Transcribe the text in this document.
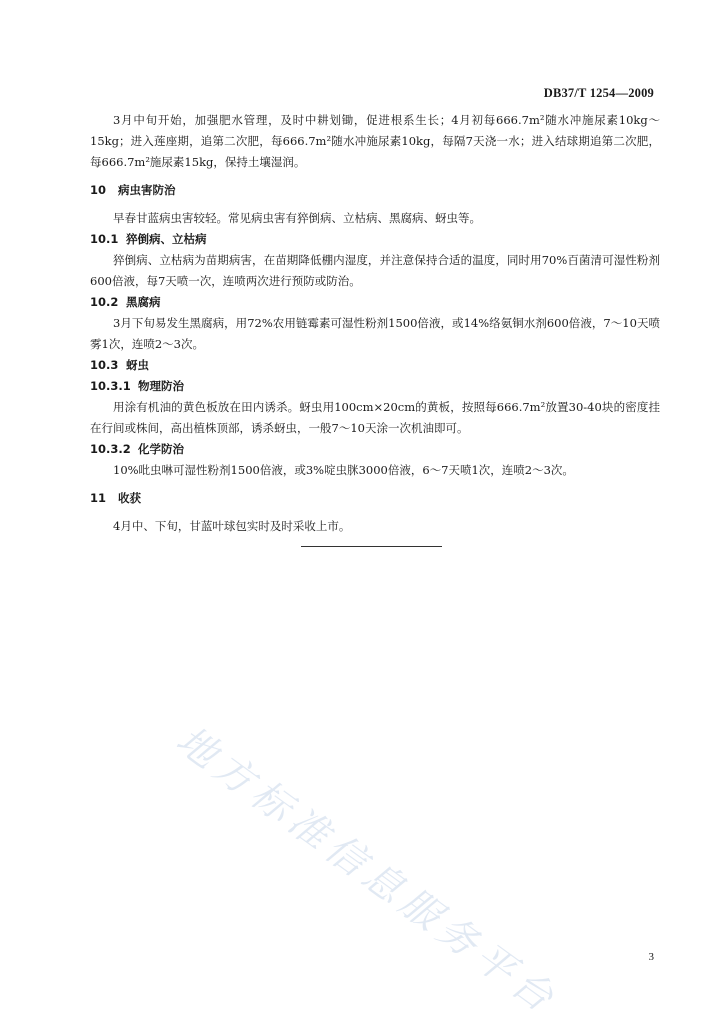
DB37/T 1254—2009
地方标准信息服务平台

3月中旬开始，加强肥水管理，及时中耕划锄，促进根系生长；4月初每666.7m²随水冲施尿素10kg～15kg；进入莲座期，追第二次肥，每666.7m²随水冲施尿素10kg，每隔7天浇一水；进入结球期追第二次肥，每666.7m²施尿素15kg，保持土壤湿润。

10	病虫害防治

早春甘蓝病虫害较轻。常见病虫害有猝倒病、立枯病、黑腐病、蚜虫等。

10.1 猝倒病、立枯病

猝倒病、立枯病为苗期病害，在苗期降低棚内湿度，并注意保持合适的温度，同时用70%百菌清可湿性粉剂600倍液，每7天喷一次，连喷两次进行预防或防治。

10.2 黑腐病

3月下旬易发生黑腐病，用72%农用链霉素可湿性粉剂1500倍液，或14%络氨铜水剂600倍液，7～10天喷雾1次，连喷2～3次。

10.3 蚜虫
10.3.1 物理防治

用涂有机油的黄色板放在田内诱杀。蚜虫用100cm×20cm的黄板，按照每666.7m²放置30-40块的密度挂在行间或株间，高出植株顶部，诱杀蚜虫，一般7～10天涂一次机油即可。

10.3.2 化学防治

10%吡虫啉可湿性粉剂1500倍液，或3%啶虫脒3000倍液，6～7天喷1次，连喷2～3次。

11	收获

4月中、下旬，甘蓝叶球包实时及时采收上市。

3
